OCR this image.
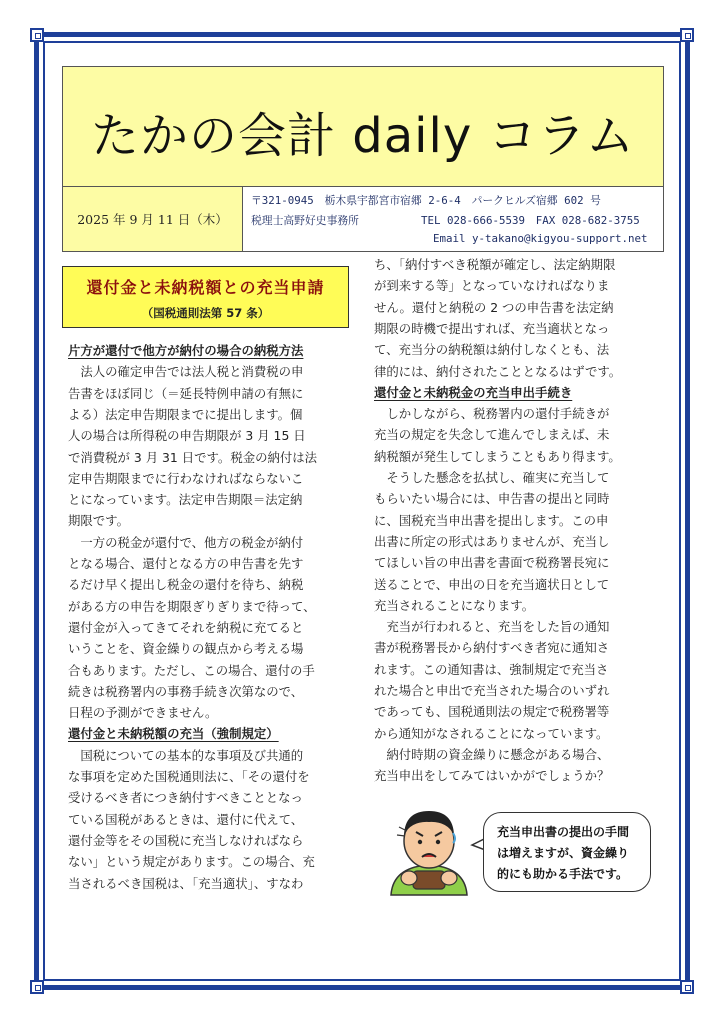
たかの会計 daily コラム
2025 年 9 月 11 日（木）
〒321-0945　栃木県宇都宮市宿郷 2-6-4　パークヒルズ宿郷 602 号
税理士高野好史事務所	TEL 028-666-5539　FAX 028-682-3755
Email y-takano@kigyou-support.net
還付金と未納税額との充当申請
（国税通則法第 57 条）
片方が還付で他方が納付の場合の納税方法
　法人の確定申告では法人税と消費税の申
告書をほぼ同じ（＝延長特例申請の有無に
よる）法定申告期限までに提出します。個
人の場合は所得税の申告期限が 3 月 15 日
で消費税が 3 月 31 日です。税金の納付は法
定申告期限までに行わなければならないこ
とになっています。法定申告期限＝法定納
期限です。
　一方の税金が還付で、他方の税金が納付
となる場合、還付となる方の申告書を先す
るだけ早く提出し税金の還付を待ち、納税
がある方の申告を期限ぎりぎりまで待って、
還付金が入ってきてそれを納税に充てると
いうことを、資金繰りの観点から考える場
合もあります。ただし、この場合、還付の手
続きは税務署内の事務手続き次第なので、
日程の予測ができません。
還付金と未納税額の充当（強制規定）
　国税についての基本的な事項及び共通的
な事項を定めた国税通則法に、「その還付を
受けるべき者につき納付すべきこととなっ
ている国税があるときは、還付に代えて、
還付金等をその国税に充当しなければなら
ない」という規定があります。この場合、充
当されるべき国税は、「充当適状」、すなわ
ち、「納付すべき税額が確定し、法定納期限
が到来する等」となっていなければなりま
せん。還付と納税の 2 つの申告書を法定納
期限の時機で提出すれば、充当適状となっ
て、充当分の納税額は納付しなくとも、法
律的には、納付されたこととなるはずです。
還付金と未納税金の充当申出手続き
　しかしながら、税務署内の還付手続きが
充当の規定を失念して進んでしまえば、未
納税額が発生してしまうこともあり得ます。
　そうした懸念を払拭し、確実に充当して
もらいたい場合には、申告書の提出と同時
に、国税充当申出書を提出します。この申
出書に所定の形式はありませんが、充当し
てほしい旨の申出書を書面で税務署長宛に
送ることで、申出の日を充当適状日として
充当されることになります。
　充当が行われると、充当をした旨の通知
書が税務署長から納付すべき者宛に通知さ
れます。この通知書は、強制規定で充当さ
れた場合と申出で充当された場合のいずれ
であっても、国税通則法の規定で税務署等
から通知がなされることになっています。
　納付時期の資金繰りに懸念がある場合、
充当申出をしてみてはいかがでしょうか？
充当申出書の提出の手間
は増えますが、資金繰り
的にも助かる手法です。
